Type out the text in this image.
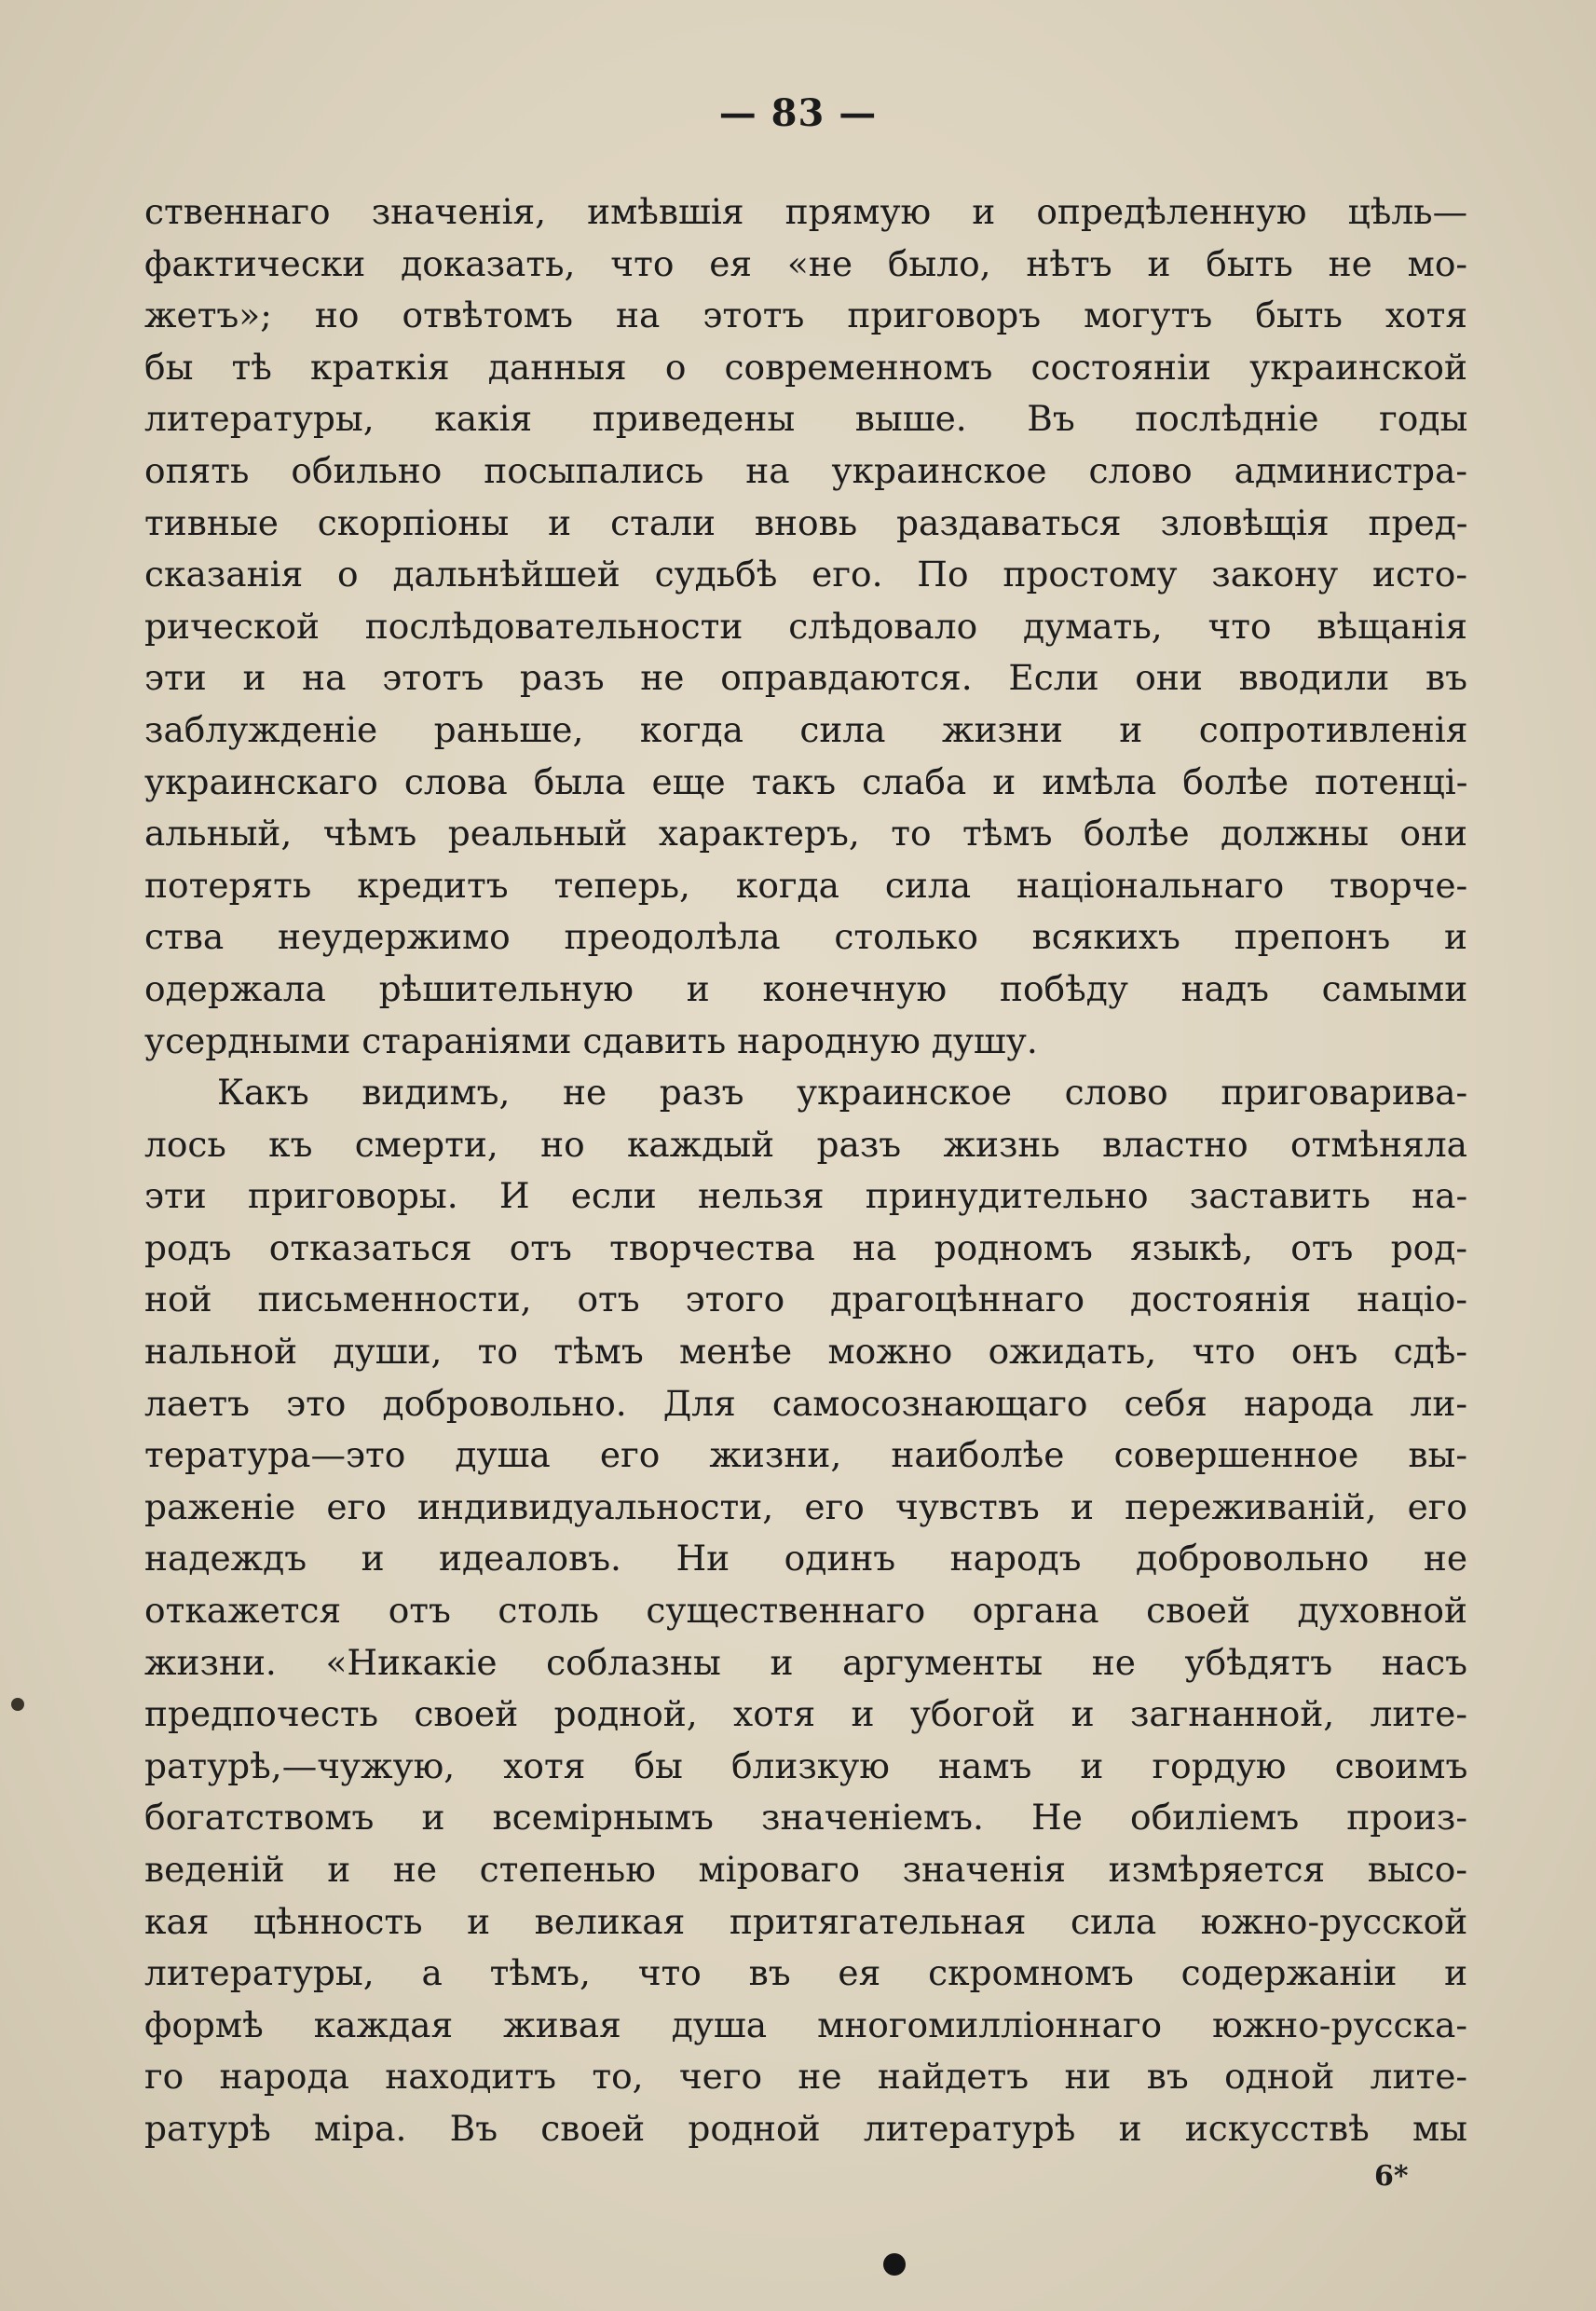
— 83 —
ственнаго значенія, имѣвшія прямую и опредѣленную цѣль—
фактически доказать, что ея «не было, нѣтъ и быть не мо-
жетъ»; но отвѣтомъ на этотъ приговоръ могутъ быть хотя
бы тѣ краткія данныя о современномъ состояніи украинской
литературы, какія приведены выше. Въ послѣдніе годы
опять обильно посыпались на украинское слово администра-
тивные скорпіоны и стали вновь раздаваться зловѣщія пред-
сказанія о дальнѣйшей судьбѣ его. По простому закону исто-
рической послѣдовательности слѣдовало думать, что вѣщанія
эти и на этотъ разъ не оправдаются. Если они вводили въ
заблужденіе раньше, когда сила жизни и сопротивленія
украинскаго слова была еще такъ слаба и имѣла болѣе потенці-
альный, чѣмъ реальный характеръ, то тѣмъ болѣе должны они
потерять кредитъ теперь, когда сила національнаго творче-
ства неудержимо преодолѣла столько всякихъ препонъ и
одержала рѣшительную и конечную побѣду надъ самыми
усердными стараніями сдавить народную душу.
Какъ видимъ, не разъ украинское слово приговарива-
лось къ смерти, но каждый разъ жизнь властно отмѣняла
эти приговоры. И если нельзя принудительно заставить на-
родъ отказаться отъ творчества на родномъ языкѣ, отъ род-
ной письменности, отъ этого драгоцѣннаго достоянія націо-
нальной души, то тѣмъ менѣе можно ожидать, что онъ сдѣ-
лаетъ это добровольно. Для самосознающаго себя народа ли-
тература—это душа его жизни, наиболѣе совершенное вы-
раженіе его индивидуальности, его чувствъ и переживаній, его
надеждъ и идеаловъ. Ни одинъ народъ добровольно не
откажется отъ столь существеннаго органа своей духовной
жизни. «Никакіе соблазны и аргументы не убѣдятъ насъ
предпочесть своей родной, хотя и убогой и загнанной, лите-
ратурѣ,—чужую, хотя бы близкую намъ и гордую своимъ
богатствомъ и всемірнымъ значеніемъ. Не обиліемъ произ-
веденій и не степенью міроваго значенія измѣряется высо-
кая цѣнность и великая притягательная сила южно-русской
литературы, а тѣмъ, что въ ея скромномъ содержаніи и
формѣ каждая живая душа многомилліоннаго южно-русска-
го народа находитъ то, чего не найдетъ ни въ одной лите-
ратурѣ міра. Въ своей родной литературѣ и искусствѣ мы
6*
